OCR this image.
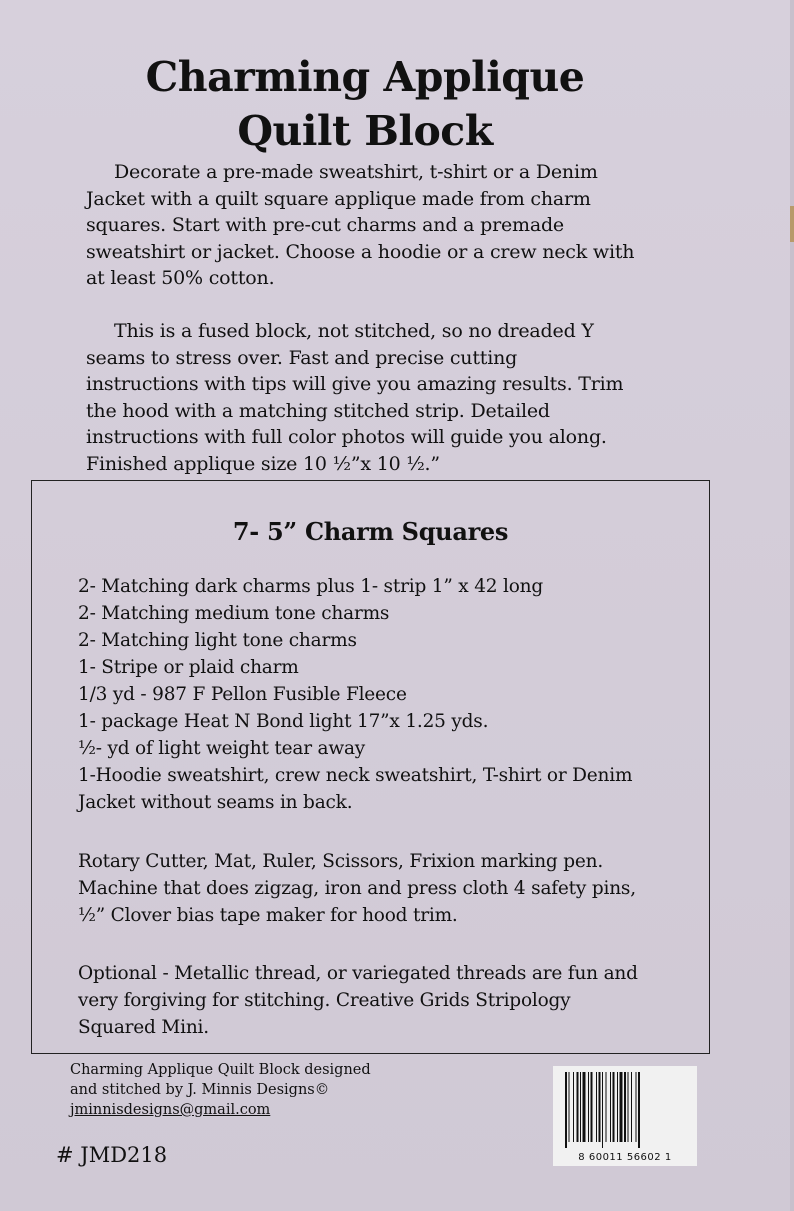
Charming Applique
Quilt Block

Decorate a pre-made sweatshirt, t-shirt or a Denim
Jacket with a quilt square applique made from charm
squares. Start with pre-cut charms and a premade
sweatshirt or jacket. Choose a hoodie or a crew neck with
at least 50% cotton.

This is a fused block, not stitched, so no dreaded Y
seams to stress over. Fast and precise cutting
instructions with tips will give you amazing results. Trim
the hood with a matching stitched strip. Detailed
instructions with full color photos will guide you along.
Finished applique size 10 ½”x 10 ½.”

7- 5” Charm Squares
2- Matching dark charms plus 1- strip 1” x 42 long
2- Matching medium tone charms
2- Matching light tone charms
1- Stripe or plaid charm
1/3 yd - 987 F Pellon Fusible Fleece
1- package Heat N Bond light 17”x 1.25 yds.
½- yd of light weight tear away
1-Hoodie sweatshirt, crew neck sweatshirt, T-shirt or Denim
Jacket without seams in back.

Rotary Cutter, Mat, Ruler, Scissors, Frixion marking pen.
Machine that does zigzag, iron and press cloth 4 safety pins,
½” Clover bias tape maker for hood trim.

Optional - Metallic thread, or variegated threads are fun and
very forgiving for stitching. Creative Grids Stripology
Squared Mini.

Charming Applique Quilt Block designed
and stitched by J. Minnis Designs©
jminnisdesigns@gmail.com

# JMD218	8 60011 56602 1
